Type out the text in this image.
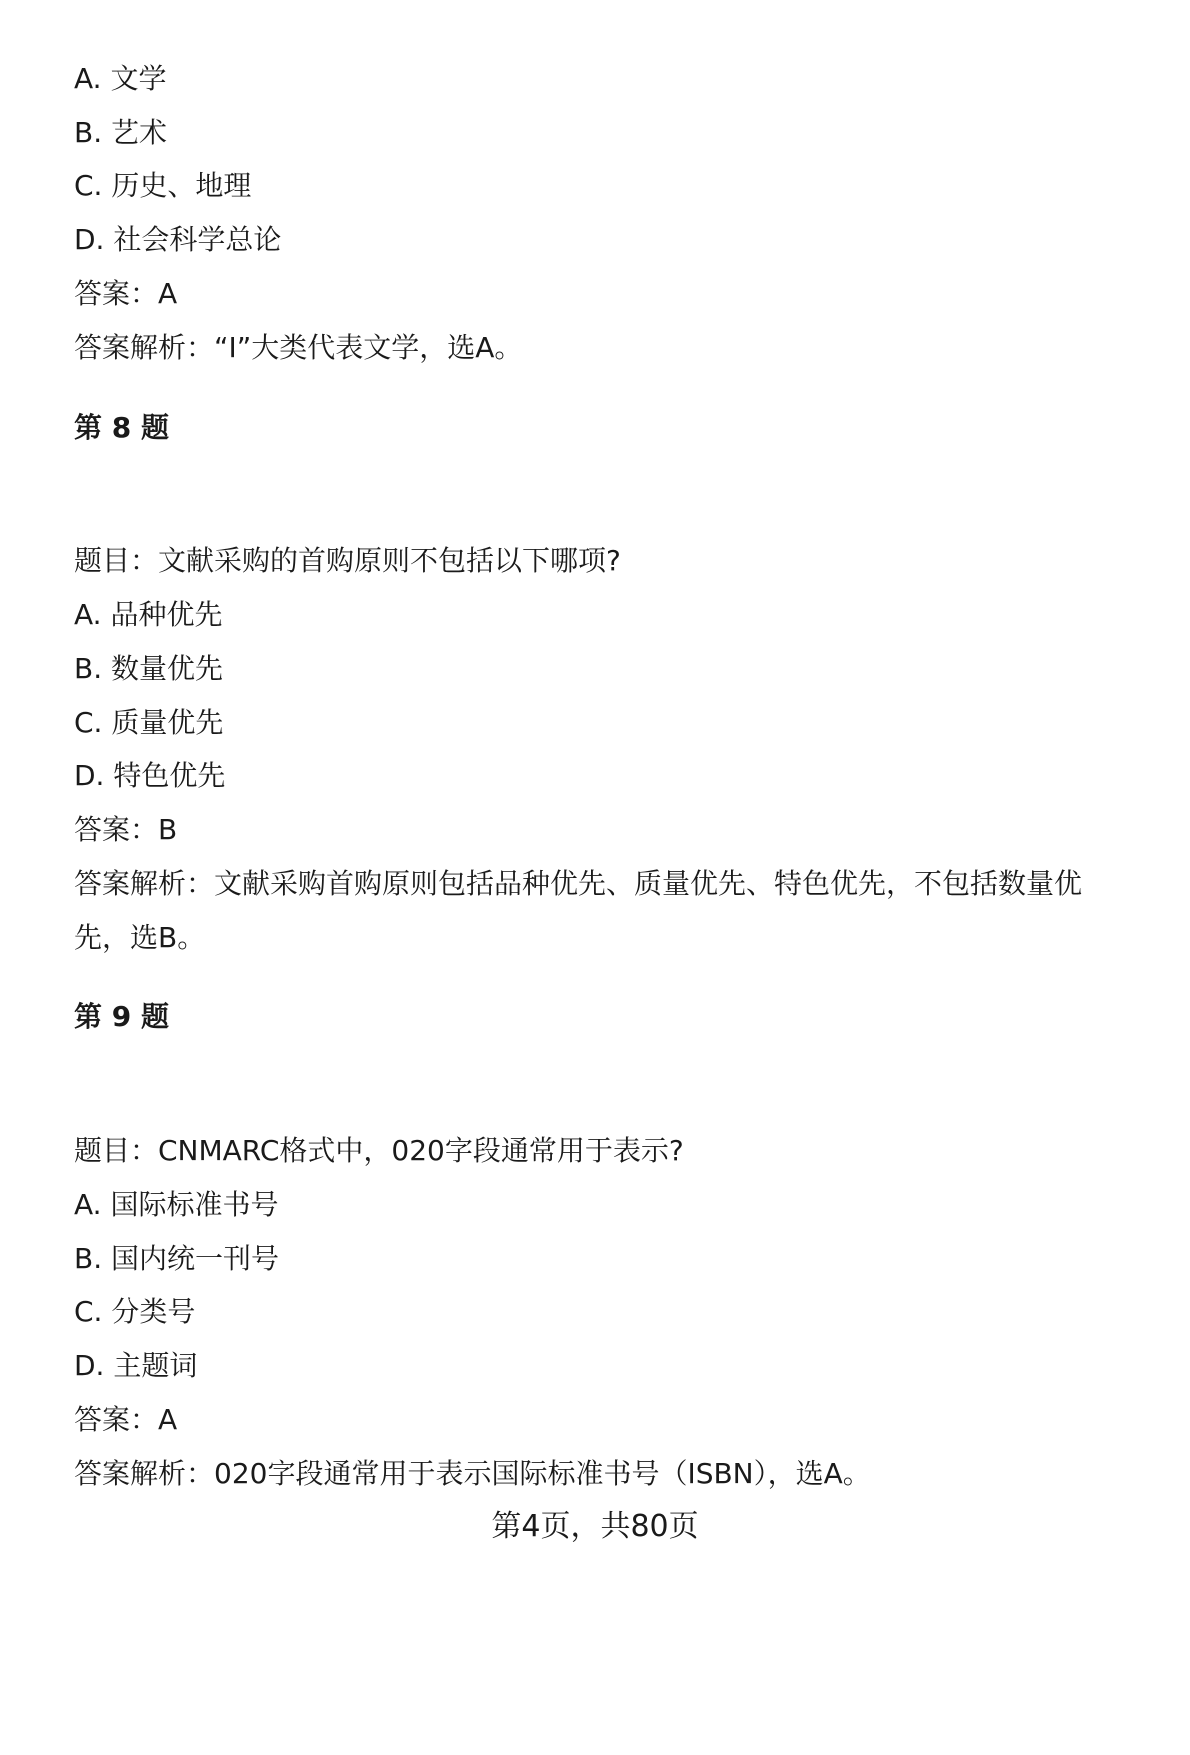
A. 文学
B. 艺术
C. 历史、地理
D. 社会科学总论
答案：A
答案解析：“I”大类代表文学，选A。
第 8 题
题目：文献采购的首购原则不包括以下哪项?
A. 品种优先
B. 数量优先
C. 质量优先
D. 特色优先
答案：B
答案解析：文献采购首购原则包括品种优先、质量优先、特色优先，不包括数量优
先，选B。
第 9 题
题目：CNMARC格式中，020字段通常用于表示?
A. 国际标准书号
B. 国内统一刊号
C. 分类号
D. 主题词
答案：A
答案解析：020字段通常用于表示国际标准书号（ISBN），选A。
第4页，共80页
